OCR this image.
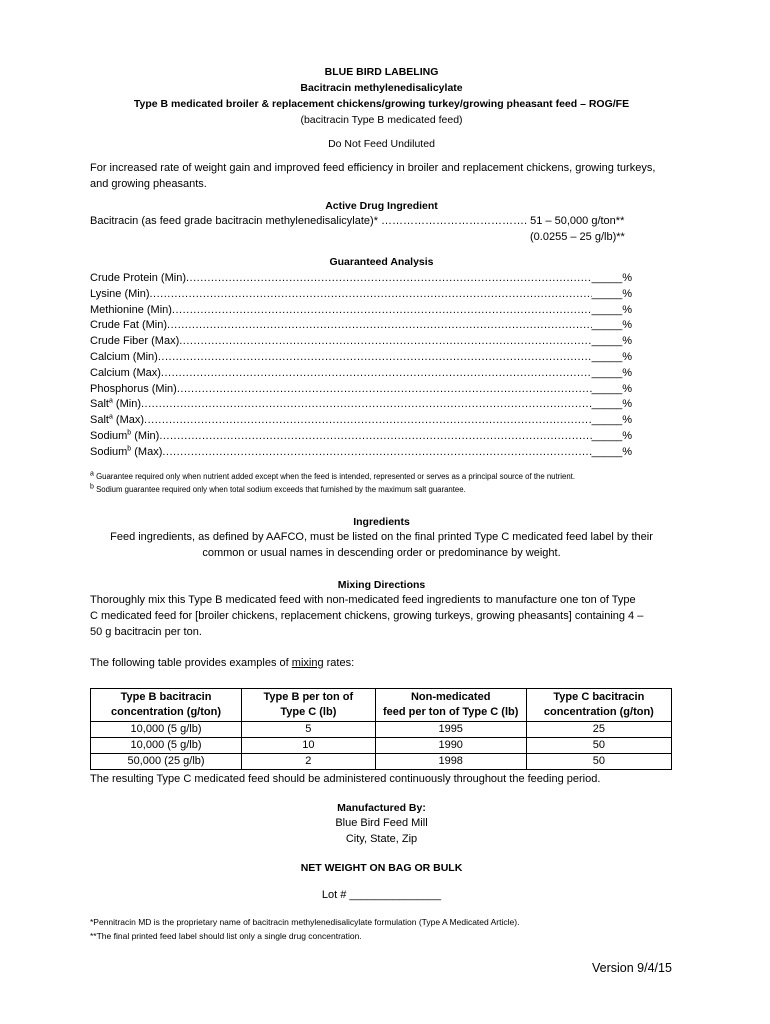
BLUE BIRD LABELING
Bacitracin methylenedisalicylate
Type B medicated broiler & replacement chickens/growing turkey/growing pheasant feed – ROG/FE
(bacitracin Type B medicated feed)
Do Not Feed Undiluted
For increased rate of weight gain and improved feed efficiency in broiler and replacement chickens, growing turkeys, and growing pheasants.
Active Drug Ingredient
Bacitracin (as feed grade bacitracin methylenedisalicylate)* …………………………………. 51 – 50,000 g/ton**
(0.0255 – 25 g/lb)**
Guaranteed Analysis
Crude Protein (Min) .....	_____%
Lysine (Min) .....	_____%
Methionine (Min) .....	_____%
Crude Fat (Min) .....	_____%
Crude Fiber (Max) .....	_____%
Calcium (Min) .....	_____%
Calcium (Max) .....	_____%
Phosphorus (Min) .....	_____%
Salt$^a$ (Min) .....	_____%
Salt$^a$ (Max) .....	_____%
Sodium$^b$ (Min) .....	_____%
Sodium$^b$ (Max) .....	_____%
$^a$ Guarantee required only when nutrient added except when the feed is intended, represented or serves as a principal source of the nutrient.
$^b$ Sodium guarantee required only when total sodium exceeds that furnished by the maximum salt guarantee.
Ingredients
Feed ingredients, as defined by AAFCO, must be listed on the final printed Type C medicated feed label by their
common or usual names in descending order or predominance by weight.
Mixing Directions
Thoroughly mix this Type B medicated feed with non-medicated feed ingredients to manufacture one ton of Type
C medicated feed for [broiler chickens, replacement chickens, growing turkeys, growing pheasants] containing 4 –
50 g bacitracin per ton.
The following table provides examples of mixing rates:
Type B bacitracin
concentration (g/ton)	Type B per ton of
Type C (lb)	Non-medicated
feed per ton of Type C (lb)	Type C bacitracin
concentration (g/ton)
10,000 (5 g/lb)	5	1995	25
10,000 (5 g/lb)	10	1990	50
50,000 (25 g/lb)	2	1998	50
The resulting Type C medicated feed should be administered continuously throughout the feeding period.
Manufactured By:
Blue Bird Feed Mill
City, State, Zip
NET WEIGHT ON BAG OR BULK
Lot # _______________
*Pennitracin MD is the proprietary name of bacitracin methylenedisalicylate formulation (Type A Medicated Article).
**The final printed feed label should list only a single drug concentration.
Version 9/4/15
